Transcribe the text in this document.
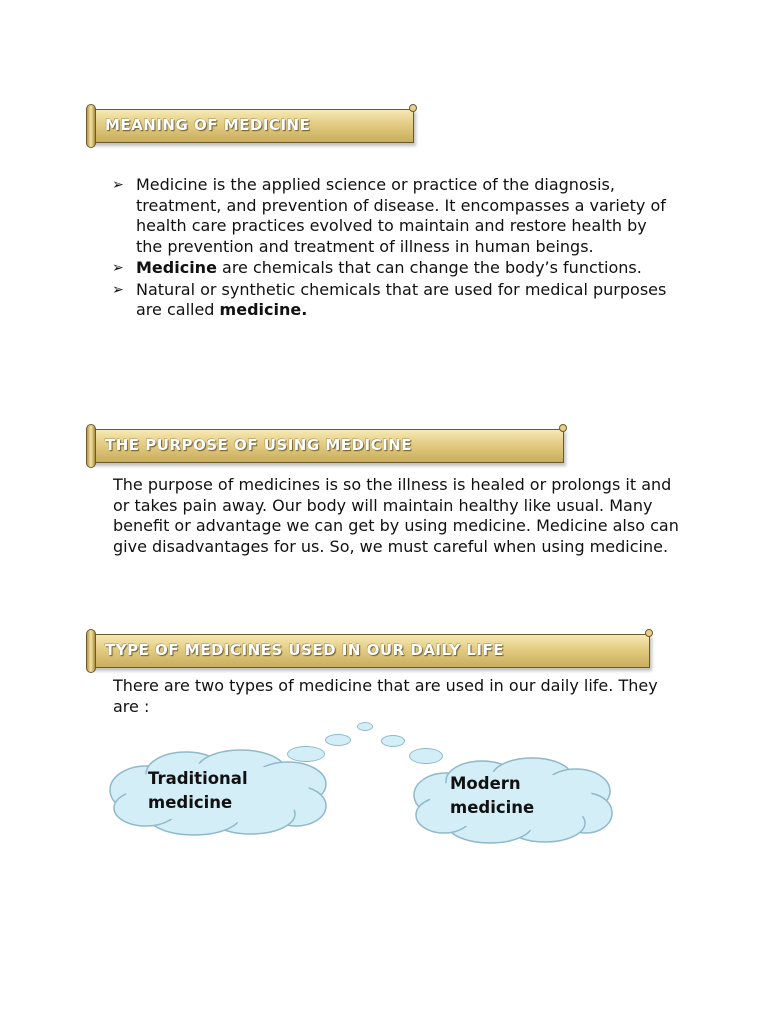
MEANING OF MEDICINE
➢ Medicine is the applied science or practice of the diagnosis, treatment, and prevention of disease. It encompasses a variety of health care practices evolved to maintain and restore health by the prevention and treatment of illness in human beings.
➢ Medicine are chemicals that can change the body’s functions.
➢ Natural or synthetic chemicals that are used for medical purposes are called medicine.
THE PURPOSE OF USING MEDICINE

The purpose of medicines is so the illness is healed or prolongs it and or takes pain away. Our body will maintain healthy like usual. Many benefit or advantage we can get by using medicine. Medicine also can give disadvantages for us. So, we must careful when using medicine.

TYPE OF MEDICINES USED IN OUR DAILY LIFE

There are two types of medicine that are used in our daily life. They are :

Traditional
medicine
Modern
medicine
